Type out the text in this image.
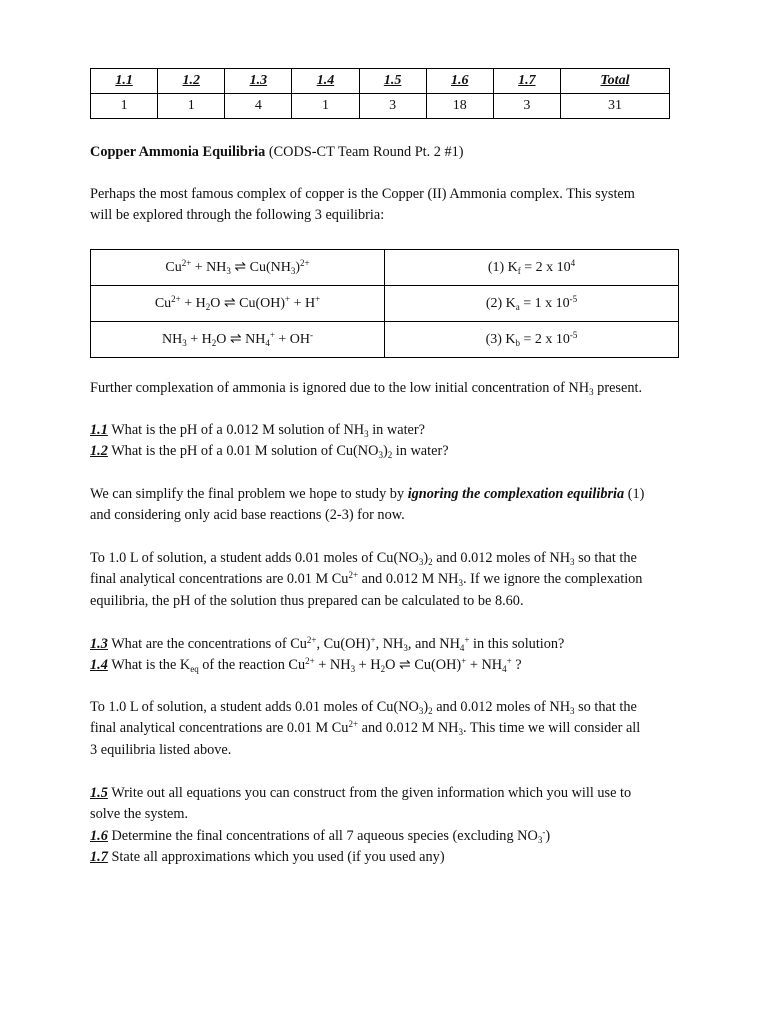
1.1	1.2	1.3	1.4	1.5	1.6	1.7	Total
1	1	4	1	3	18	3	31
Copper Ammonia Equilibria (CODS-CT Team Round Pt. 2 #1)
Perhaps the most famous complex of copper is the Copper (II) Ammonia complex. This system
will be explored through the following 3 equilibria:
$Cu^{2+} + NH_3$ ⇌ $Cu(NH_3)^{2+}$	(1) $K_f = 2$ x $10^4$
$Cu^{2+} + H_2O$ ⇌ Cu(OH)+ + H+	(2) $K_a = 1$ x $10^{-5}$
$NH_3 + H_2O$ ⇌ $NH_4^+ + OH^-$	(3) $K_b = 2$ x $10^{-5}$
Further complexation of ammonia is ignored due to the low initial concentration of $NH_3$ present.
1.1 What is the pH of a 0.012 M solution of $NH_3$ in water?
1.2 What is the pH of a 0.01 M solution of $Cu(NO_3)_2$ in water?
We can simplify the final problem we hope to study by ignoring the complexation equilibria (1)
and considering only acid base reactions (2-3) for now.
To 1.0 L of solution, a student adds 0.01 moles of $Cu(NO_3)_2$ and 0.012 moles of $NH_3$ so that the
final analytical concentrations are 0.01 M $Cu^{2+}$ and 0.012 M $NH_3$. If we ignore the complexation
equilibria, the pH of the solution thus prepared can be calculated to be 8.60.
1.3 What are the concentrations of $Cu^{2+}$, Cu(OH)+, $NH_3$, and $NH_4^+$ in this solution?
1.4 What is the $K_{eq}$ of the reaction $Cu^{2+} + NH_3 + H_2O$ ⇌ $Cu(OH)^+ + NH_4^+$ ?
To 1.0 L of solution, a student adds 0.01 moles of $Cu(NO_3)_2$ and 0.012 moles of $NH_3$ so that the
final analytical concentrations are 0.01 M $Cu^{2+}$ and 0.012 M $NH_3$. This time we will consider all
3 equilibria listed above.
1.5 Write out all equations you can construct from the given information which you will use to
solve the system.
1.6 Determine the final concentrations of all 7 aqueous species (excluding $NO_3^-$)
1.7 State all approximations which you used (if you used any)
